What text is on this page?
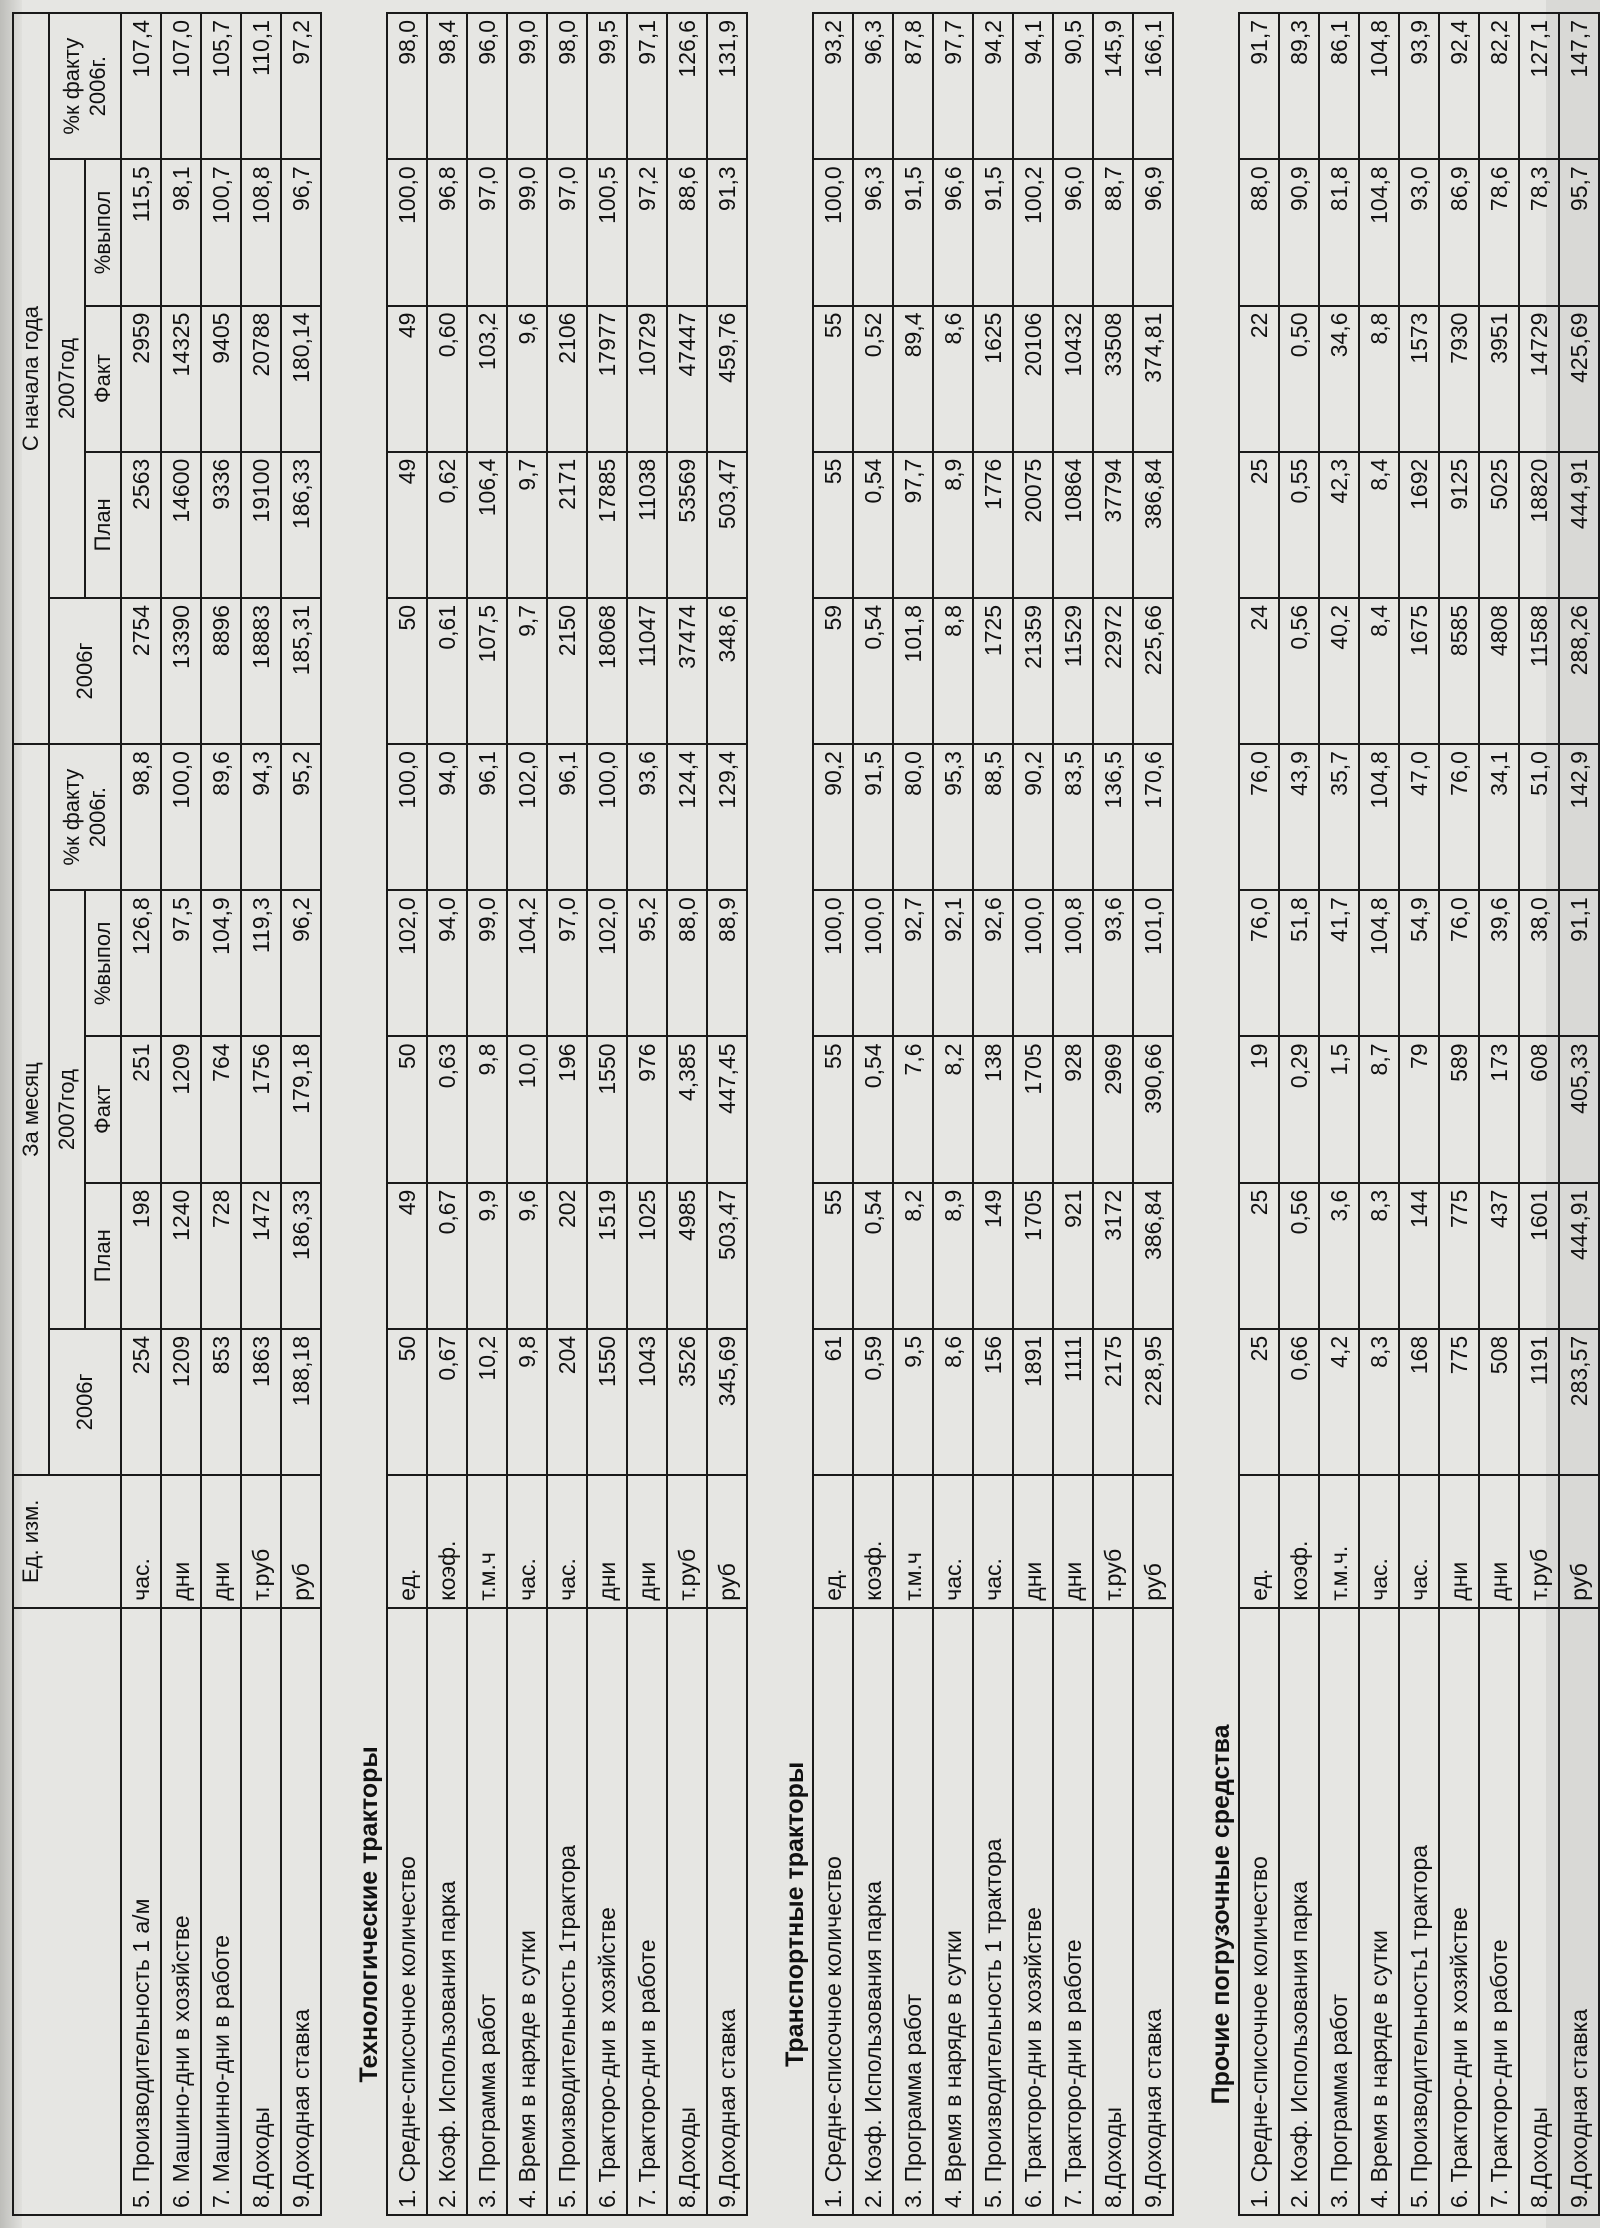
	Ед. изм.	За месяц					С начала года				
		2006г	2007год			%к факту 2006г.	2006г	2007год			%к факту 2006г.
			План	Факт	%выпол			План	Факт	%выпол	
5. Производительность 1 а/м	час.	254	198	251	126,8	98,8	2754	2563	2959	115,5	107,4
6. Машино-дни в хозяйстве	дни	1209	1240	1209	97,5	100,0	13390	14600	14325	98,1	107,0
7. Машинно-дни в работе	дни	853	728	764	104,9	89,6	8896	9336	9405	100,7	105,7
8.Доходы	т.руб	1863	1472	1756	119,3	94,3	18883	19100	20788	108,8	110,1
9.Доходная ставка	руб	188,18	186,33	179,18	96,2	95,2	185,31	186,33	180,14	96,7	97,2
Технологические тракторы											
1. Средне-списочное количество	ед.	50	49	50	102,0	100,0	50	49	49	100,0	98,0
2. Коэф. Использования парка	коэф.	0,67	0,67	0,63	94,0	94,0	0,61	0,62	0,60	96,8	98,4
3. Программа работ	т.м.ч	10,2	9,9	9,8	99,0	96,1	107,5	106,4	103,2	97,0	96,0
4. Время в наряде в сутки	час.	9,8	9,6	10,0	104,2	102,0	9,7	9,7	9,6	99,0	99,0
5. Производительность 1трактора	час.	204	202	196	97,0	96,1	2150	2171	2106	97,0	98,0
6. Тракторо-дни в хозяйстве	дни	1550	1519	1550	102,0	100,0	18068	17885	17977	100,5	99,5
7. Тракторо-дни в работе	дни	1043	1025	976	95,2	93,6	11047	11038	10729	97,2	97,1
8.Доходы	т.руб	3526	4985	4,385	88,0	124,4	37474	53569	47447	88,6	126,6
9.Доходная ставка	руб	345,69	503,47	447,45	88,9	129,4	348,6	503,47	459,76	91,3	131,9
Транспортные тракторы											
1. Средне-списочное количество	ед.	61	55	55	100,0	90,2	59	55	55	100,0	93,2
2. Коэф. Использования парка	коэф.	0,59	0,54	0,54	100,0	91,5	0,54	0,54	0,52	96,3	96,3
3. Программа работ	т.м.ч	9,5	8,2	7,6	92,7	80,0	101,8	97,7	89,4	91,5	87,8
4. Время в наряде в сутки	час.	8,6	8,9	8,2	92,1	95,3	8,8	8,9	8,6	96,6	97,7
5. Производительность 1 трактора	час.	156	149	138	92,6	88,5	1725	1776	1625	91,5	94,2
6. Тракторо-дни в хозяйстве	дни	1891	1705	1705	100,0	90,2	21359	20075	20106	100,2	94,1
7. Тракторо-дни в работе	дни	1111	921	928	100,8	83,5	11529	10864	10432	96,0	90,5
8.Доходы	т.руб	2175	3172	2969	93,6	136,5	22972	37794	33508	88,7	145,9
9.Доходная ставка	руб	228,95	386,84	390,66	101,0	170,6	225,66	386,84	374,81	96,9	166,1
Прочие погрузочные средства											
1. Средне-списочное количество	ед.	25	25	19	76,0	76,0	24	25	22	88,0	91,7
2. Коэф. Использования парка	коэф.	0,66	0,56	0,29	51,8	43,9	0,56	0,55	0,50	90,9	89,3
3. Программа работ	т.м.ч.	4,2	3,6	1,5	41,7	35,7	40,2	42,3	34,6	81,8	86,1
4. Время в наряде в сутки	час.	8,3	8,3	8,7	104,8	104,8	8,4	8,4	8,8	104,8	104,8
5. Производительность1 трактора	час.	168	144	79	54,9	47,0	1675	1692	1573	93,0	93,9
6. Тракторо-дни в хозяйстве	дни	775	775	589	76,0	76,0	8585	9125	7930	86,9	92,4
7. Тракторо-дни в работе	дни	508	437	173	39,6	34,1	4808	5025	3951	78,6	82,2
8.Доходы	т.руб	1191	1601	608	38,0	51,0	11588	18820	14729	78,3	127,1
9.Доходная ставка	руб	283,57	444,91	405,33	91,1	142,9	288,26	444,91	425,69	95,7	147,7
